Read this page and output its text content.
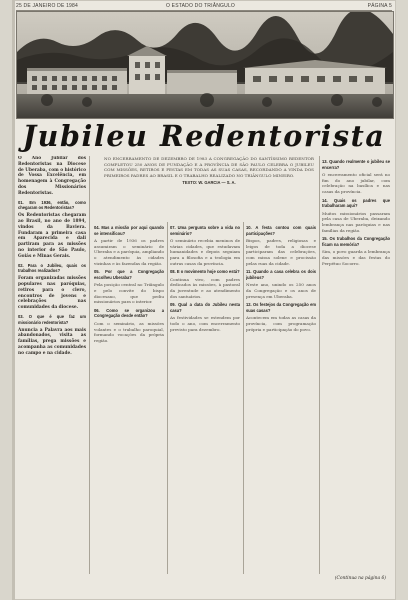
25 DE JANEIRO DE 1984	O ESTADO DO TRIÂNGULO	PÁGINA 5
Jubileu Redentorista

O Ano Jubilar dos Redentoristas na Diocese de Uberaba, com o histórico de Vossa Excelência, em homenagem à Congregação dos Missionários Redentoristas.

01. Em 1936, então, como chegaram os Redentoristas?

Os Redentoristas chegaram ao Brasil, no ano de 1894, vindos da Baviera. Fundaram a primeira casa em Aparecida e dali partiram para as missões no interior de São Paulo, Goiás e Minas Gerais.

02. Para o Jubileu, quais os trabalhos realizados?

Foram organizadas missões populares nas paróquias, retiros para o clero, encontros de jovens e celebrações nas comunidades da diocese.

03. O que é que faz um missionário redentorista?

Anuncia a Palavra aos mais abandonados, visita as famílias, prega missões e acompanha as comunidades no campo e na cidade.

NO ENCERRAMENTO DE DEZEMBRO DE 1983 A CONGREGAÇÃO DO SANTÍSSIMO REDENTOR COMPLETOU 250 ANOS DE FUNDAÇÃO E A PROVÍNCIA DE SÃO PAULO CELEBRA O JUBILEU COM MISSÕES, RETIROS E FESTAS EM TODAS AS SUAS CASAS, RECORDANDO A VINDA DOS PRIMEIROS PADRES AO BRASIL E O TRABALHO REALIZADO NO TRIÂNGULO MINEIRO.
TEXTO: W. GARCIA — S. A.

04. Mas a missão por aqui quando se intensificou?

A partir de 1936 os padres assumiram o seminário de Uberaba e a paróquia, ampliando o atendimento às cidades vizinhas e às fazendas da região.

05. Por que a Congregação escolheu Uberaba?

Pela posição central no Triângulo e pelo convite do bispo diocesano, que pediu missionários para o interior.

06. Como se organizou a Congregação desde então?

Com o seminário, as missões volantes e o trabalho paroquial, formando vocações da própria região.

07. Uma pergunta sobre a vida no seminário?

O seminário recebia meninos de várias cidades, que estudavam humanidades e depois seguiam para a filosofia e a teologia em outras casas da província.

08. E o movimento hoje como está?

Continua vivo, com padres dedicados às missões, à pastoral da juventude e ao atendimento dos santuários.

09. Qual a data do Jubileu nesta casa?

As festividades se estendem por todo o ano, com encerramento previsto para dezembro.

10. A festa contou com quais participações?

Bispos, padres, religiosas e leigos de toda a diocese participaram das celebrações, com missa solene e procissão pelas ruas da cidade.

11. Quando a casa celebra os dois jubileus?

Neste ano, unindo os 250 anos da Congregação e os anos de presença em Uberaba.

12. Os festejos da Congregação em suas casas?

Acontecem em todas as casas da província, com programação própria e participação do povo.

13. Quando realmente o jubileu se encerra?

O encerramento oficial será no fim do ano jubilar, com celebração na basílica e nas casas da província.

14. Quais os padres que trabalharam aqui?

Muitos missionários passaram pela casa de Uberaba, deixando lembrança nas paróquias e nas famílias da região.

15. Os trabalhos da Congregação ficam na memória?

Sim, o povo guarda a lembrança das missões e das festas do Perpétuo Socorro.

(Continua na página 6)
